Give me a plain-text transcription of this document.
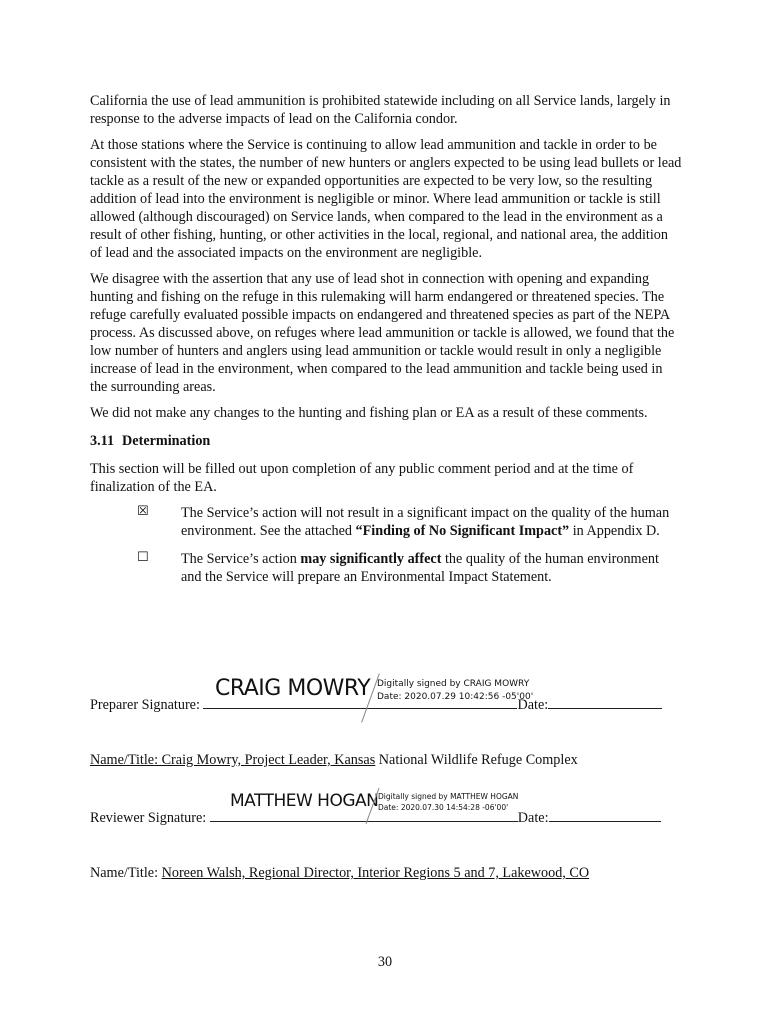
California the use of lead ammunition is prohibited statewide including on all Service lands, largely in response to the adverse impacts of lead on the California condor.

At those stations where the Service is continuing to allow lead ammunition and tackle in order to be consistent with the states, the number of new hunters or anglers expected to be using lead bullets or lead tackle as a result of the new or expanded opportunities are expected to be very low, so the resulting addition of lead into the environment is negligible or minor. Where lead ammunition or tackle is still allowed (although discouraged) on Service lands, when compared to the lead in the environment as a result of other fishing, hunting, or other activities in the local, regional, and national area, the addition of lead and the associated impacts on the environment are negligible.

We disagree with the assertion that any use of lead shot in connection with opening and expanding hunting and fishing on the refuge in this rulemaking will harm endangered or threatened species. The refuge carefully evaluated possible impacts on endangered and threatened species as part of the NEPA process. As discussed above, on refuges where lead ammunition or tackle is allowed, we found that the low number of hunters and anglers using lead ammunition or tackle would result in only a negligible increase of lead in the environment, when compared to the lead ammunition and tackle being used in the surrounding areas.

We did not make any changes to the hunting and fishing plan or EA as a result of these comments.

3.11 Determination

This section will be filled out upon completion of any public comment period and at the time of finalization of the EA.

☒ The Service’s action will not result in a significant impact on the quality of the human environment. See the attached “Finding of No Significant Impact” in Appendix D.

☐ The Service’s action may significantly affect the quality of the human environment and the Service will prepare an Environmental Impact Statement.

Preparer Signature:	Date:
CRAIG MOWRY Digitally signed by CRAIG MOWRY
Date: 2020.07.29 10:42:56 -05'00'

Name/Title: Craig Mowry, Project Leader, Kansas National Wildlife Refuge Complex

Reviewer Signature:	Date:
MATTHEW HOGAN Digitally signed by MATTHEW HOGAN
Date: 2020.07.30 14:54:28 -06'00'

Name/Title: Noreen Walsh, Regional Director, Interior Regions 5 and 7, Lakewood, CO

30
